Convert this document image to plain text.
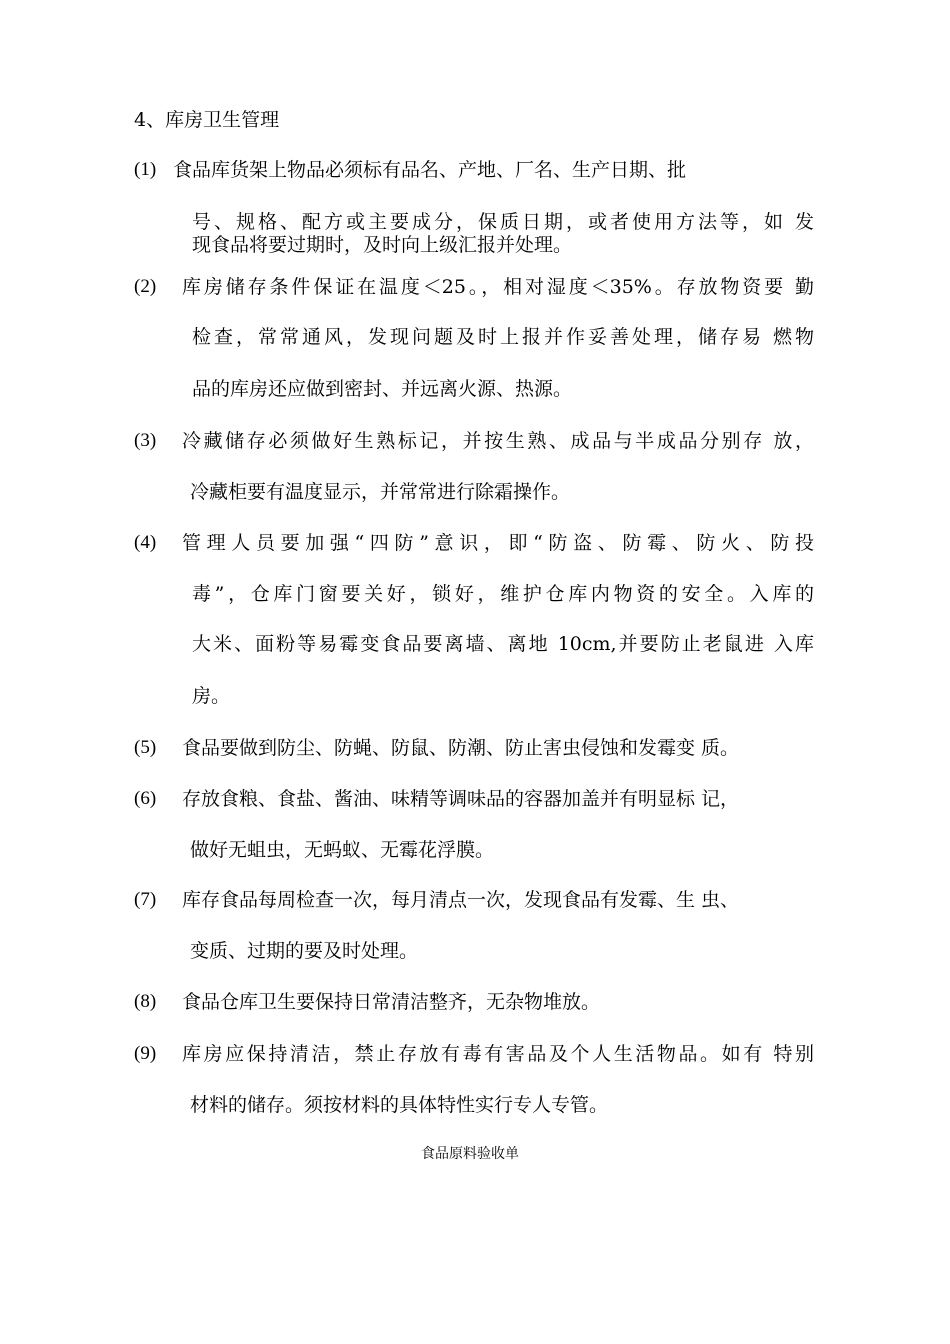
4、库房卫生管理
(1) 食品库货架上物品必须标有品名、产地、厂名、生产日期、批
号、规格、配方或主要成分，保质日期，或者使用方法等，如 发
现食品将要过期时，及时向上级汇报并处理。
(2) 库房储存条件保证在温度＜25。，相对湿度＜35%。存放物资要 勤
检查，常常通风，发现问题及时上报并作妥善处理，储存易 燃物
品的库房还应做到密封、并远离火源、热源。
(3) 冷藏储存必须做好生熟标记，并按生熟、成品与半成品分别存 放，
冷藏柜要有温度显示，并常常进行除霜操作。
(4) 管理人员要加强“四防”意识，即“防盗、防霉、防火、防投
毒”，仓库门窗要关好，锁好，维护仓库内物资的安全。入库的
大米、面粉等易霉变食品要离墙、离地 10cm,并要防止老鼠进 入库
房。
(5) 食品要做到防尘、防蝇、防鼠、防潮、防止害虫侵蚀和发霉变 质。
(6) 存放食粮、食盐、酱油、味精等调味品的容器加盖并有明显标 记，
做好无蛆虫，无蚂蚁、无霉花浮膜。
(7) 库存食品每周检查一次，每月清点一次，发现食品有发霉、生 虫、
变质、过期的要及时处理。
(8) 食品仓库卫生要保持日常清洁整齐，无杂物堆放。
(9) 库房应保持清洁，禁止存放有毒有害品及个人生活物品。如有 特别
材料的储存。须按材料的具体特性实行专人专管。
食品原料验收单
